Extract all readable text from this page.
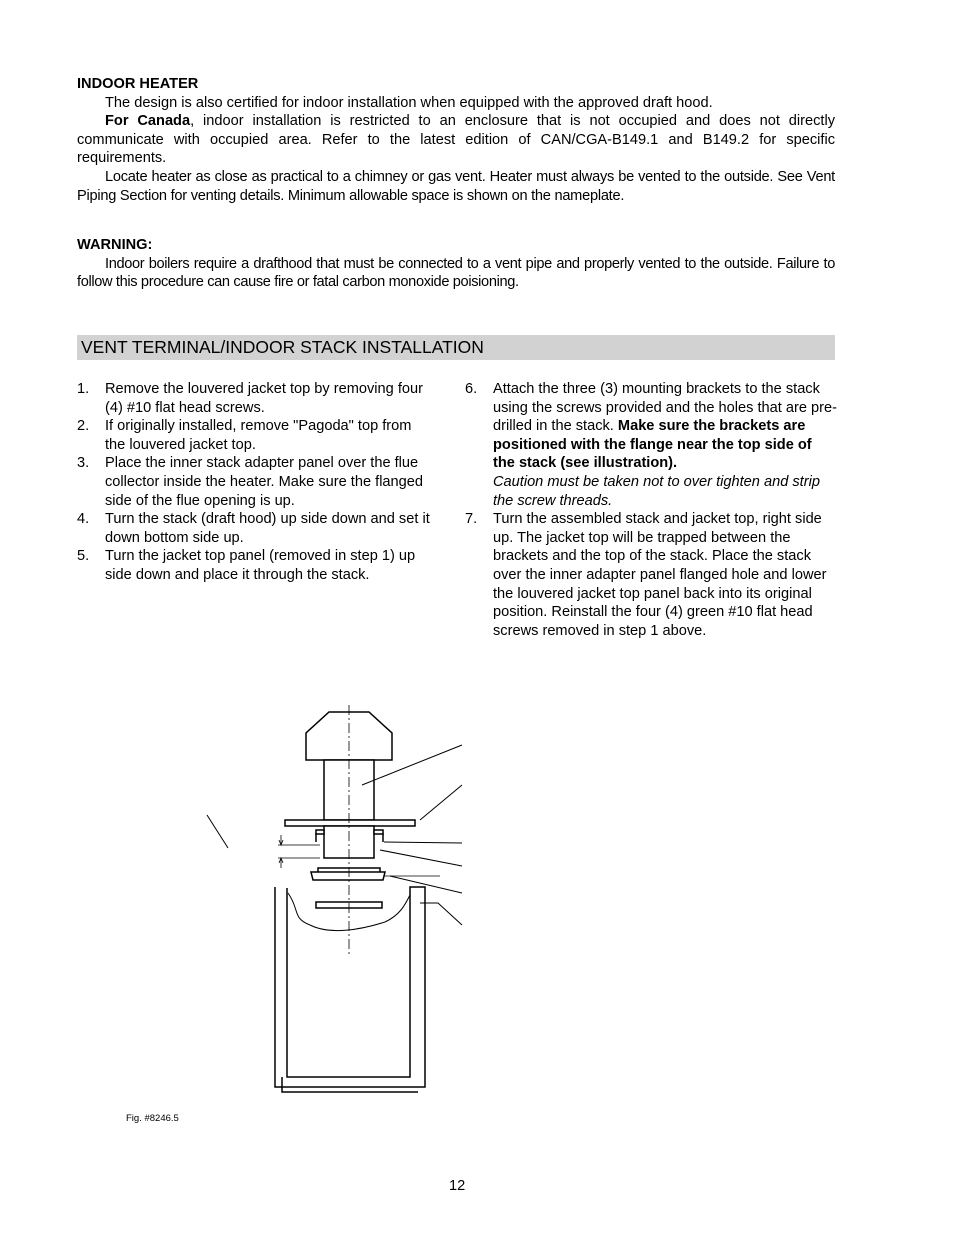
INDOOR HEATER

The design is also certified for indoor installation when equipped with the approved draft hood.

For Canada, indoor installation is restricted to an enclosure that is not occupied and does not directly communicate with occupied area. Refer to the latest edition of CAN/CGA-B149.1 and B149.2 for specific requirements.

Locate heater as close as practical to a chimney or gas vent. Heater must always be vented to the outside. See Vent Piping Section for venting details. Minimum allowable space is shown on the nameplate.

WARNING:

Indoor boilers require a drafthood that must be connected to a vent pipe and properly vented to the outside. Failure to follow this procedure can cause fire or fatal carbon monoxide poisioning.

VENT TERMINAL/INDOOR STACK INSTALLATION
1. Remove the louvered jacket top by removing four (4) #10 flat head screws.
2. If originally installed, remove "Pagoda" top from the louvered jacket top.
3. Place the inner stack adapter panel over the flue collector inside the heater. Make sure the flanged side of the flue opening is up.
4. Turn the stack (draft hood) up side down and set it down bottom side up.
5. Turn the jacket top panel (removed in step 1) up side down and place it through the stack.
6. Attach the three (3) mounting brackets to the stack using the screws provided and the holes that are pre-drilled in the stack. Make sure the brackets are positioned with the flange near the top side of the stack (see illustration).
Caution must be taken not to over tighten and strip the screw threads.
7. Turn the assembled stack and jacket top, right side up. The jacket top will be trapped between the brackets and the top of the stack. Place the stack over the inner adapter panel flanged hole and lower the louvered jacket top panel back into its original position. Reinstall the four (4) green #10 flat head screws removed in step 1 above.
Fig. #8246.5
12
